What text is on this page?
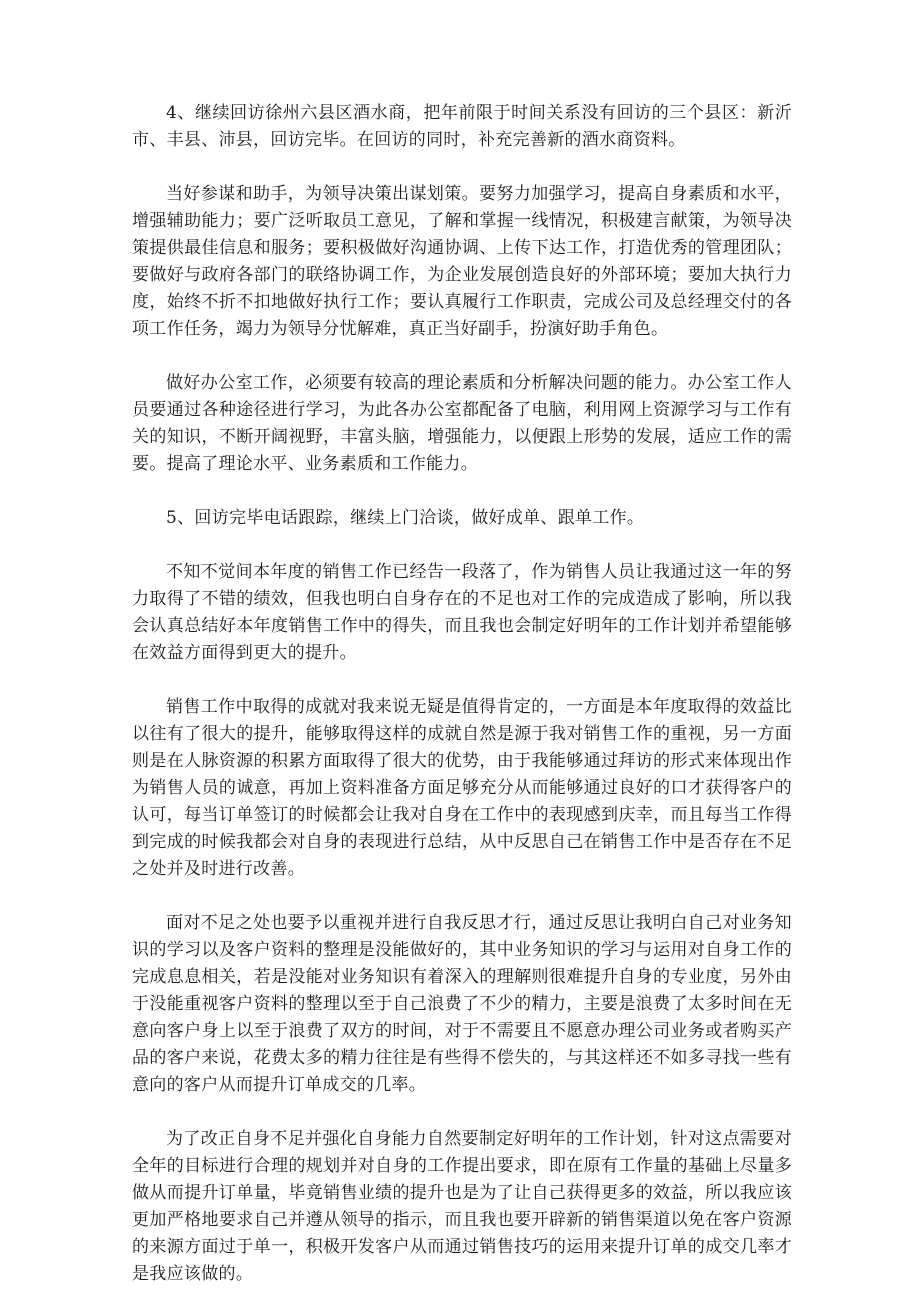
4、继续回访徐州六县区酒水商，把年前限于时间关系没有回访的三个县区：新沂市、丰县、沛县，回访完毕。在回访的同时，补充完善新的酒水商资料。

当好参谋和助手，为领导决策出谋划策。要努力加强学习，提高自身素质和水平，增强辅助能力；要广泛听取员工意见，了解和掌握一线情况，积极建言献策，为领导决策提供最佳信息和服务；要积极做好沟通协调、上传下达工作，打造优秀的管理团队；要做好与政府各部门的联络协调工作，为企业发展创造良好的外部环境；要加大执行力度，始终不折不扣地做好执行工作；要认真履行工作职责，完成公司及总经理交付的各项工作任务，竭力为领导分忧解难，真正当好副手，扮演好助手角色。

做好办公室工作，必须要有较高的理论素质和分析解决问题的能力。办公室工作人员要通过各种途径进行学习，为此各办公室都配备了电脑，利用网上资源学习与工作有关的知识，不断开阔视野，丰富头脑，增强能力，以便跟上形势的发展，适应工作的需要。提高了理论水平、业务素质和工作能力。

5、回访完毕电话跟踪，继续上门洽谈，做好成单、跟单工作。

不知不觉间本年度的销售工作已经告一段落了，作为销售人员让我通过这一年的努力取得了不错的绩效，但我也明白自身存在的不足也对工作的完成造成了影响，所以我会认真总结好本年度销售工作中的得失，而且我也会制定好明年的工作计划并希望能够在效益方面得到更大的提升。

销售工作中取得的成就对我来说无疑是值得肯定的，一方面是本年度取得的效益比以往有了很大的提升，能够取得这样的成就自然是源于我对销售工作的重视，另一方面则是在人脉资源的积累方面取得了很大的优势，由于我能够通过拜访的形式来体现出作为销售人员的诚意，再加上资料准备方面足够充分从而能够通过良好的口才获得客户的认可，每当订单签订的时候都会让我对自身在工作中的表现感到庆幸，而且每当工作得到完成的时候我都会对自身的表现进行总结，从中反思自己在销售工作中是否存在不足之处并及时进行改善。

面对不足之处也要予以重视并进行自我反思才行，通过反思让我明白自己对业务知识的学习以及客户资料的整理是没能做好的，其中业务知识的学习与运用对自身工作的完成息息相关，若是没能对业务知识有着深入的理解则很难提升自身的专业度，另外由于没能重视客户资料的整理以至于自己浪费了不少的精力，主要是浪费了太多时间在无意向客户身上以至于浪费了双方的时间，对于不需要且不愿意办理公司业务或者购买产品的客户来说，花费太多的精力往往是有些得不偿失的，与其这样还不如多寻找一些有意向的客户从而提升订单成交的几率。

为了改正自身不足并强化自身能力自然要制定好明年的工作计划，针对这点需要对全年的目标进行合理的规划并对自身的工作提出要求，即在原有工作量的基础上尽量多做从而提升订单量，毕竟销售业绩的提升也是为了让自己获得更多的效益，所以我应该更加严格地要求自己并遵从领导的指示，而且我也要开辟新的销售渠道以免在客户资源的来源方面过于单一，积极开发客户从而通过销售技巧的运用来提升订单的成交几率才是我应该做的。
